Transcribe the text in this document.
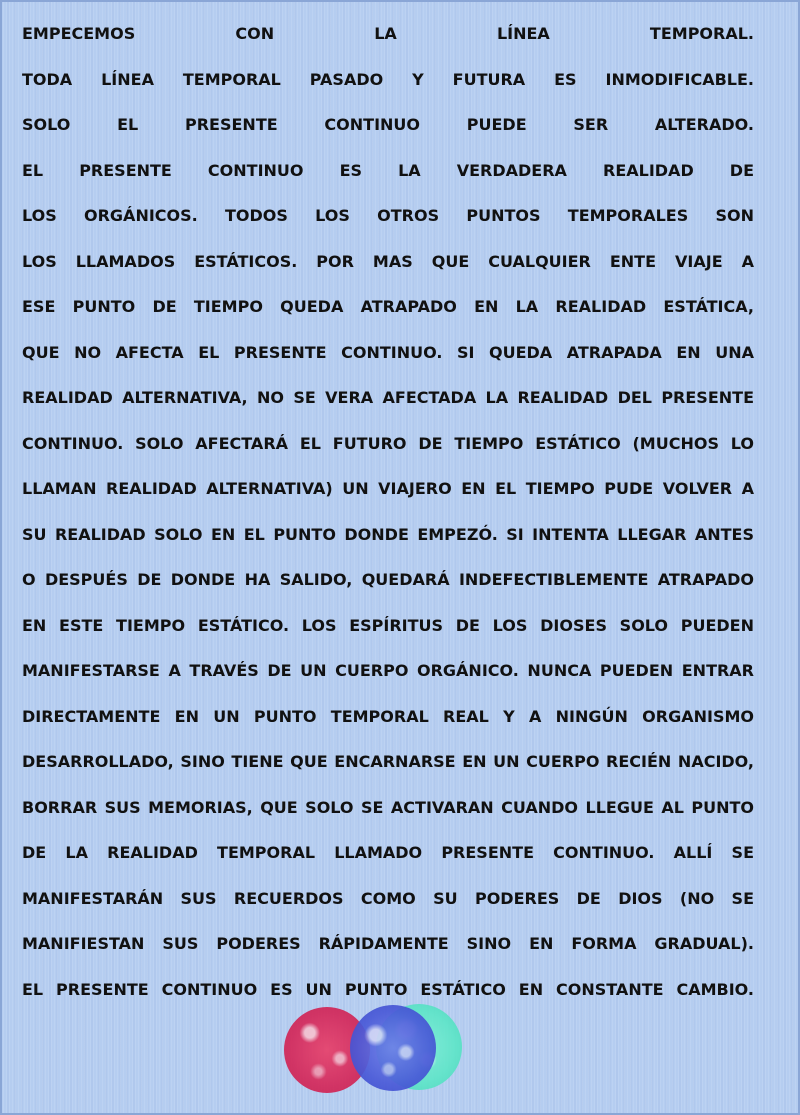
EMPECEMOS CON LA LÍNEA TEMPORAL.
TODA LÍNEA TEMPORAL PASADO Y FUTURA ES INMODIFICABLE.
SOLO EL PRESENTE CONTINUO PUEDE SER ALTERADO.
EL PRESENTE CONTINUO ES LA VERDADERA REALIDAD DE
LOS ORGÁNICOS. TODOS LOS OTROS PUNTOS TEMPORALES SON
LOS LLAMADOS ESTÁTICOS. POR MAS QUE CUALQUIER ENTE VIAJE A
ESE PUNTO DE TIEMPO QUEDA ATRAPADO EN LA REALIDAD ESTÁTICA,
QUE NO AFECTA EL PRESENTE CONTINUO. SI QUEDA ATRAPADA EN UNA
REALIDAD ALTERNATIVA, NO SE VERA AFECTADA LA REALIDAD DEL PRESENTE
CONTINUO. SOLO AFECTARÁ EL FUTURO DE TIEMPO ESTÁTICO (MUCHOS LO
LLAMAN REALIDAD ALTERNATIVA) UN VIAJERO EN EL TIEMPO PUDE VOLVER A
SU REALIDAD SOLO EN EL PUNTO DONDE EMPEZÓ. SI INTENTA LLEGAR ANTES
O DESPUÉS DE DONDE HA SALIDO, QUEDARÁ INDEFECTIBLEMENTE ATRAPADO
EN ESTE TIEMPO ESTÁTICO. LOS ESPÍRITUS DE LOS DIOSES SOLO PUEDEN
MANIFESTARSE A TRAVÉS DE UN CUERPO ORGÁNICO. NUNCA PUEDEN ENTRAR
DIRECTAMENTE EN UN PUNTO TEMPORAL REAL Y A NINGÚN ORGANISMO
DESARROLLADO, SINO TIENE QUE ENCARNARSE EN UN CUERPO RECIÉN NACIDO,
BORRAR SUS MEMORIAS, QUE SOLO SE ACTIVARAN CUANDO LLEGUE AL PUNTO
DE LA REALIDAD TEMPORAL LLAMADO PRESENTE CONTINUO. ALLÍ SE
MANIFESTARÁN SUS RECUERDOS COMO SU PODERES DE DIOS (NO SE
MANIFIESTAN SUS PODERES RÁPIDAMENTE SINO EN FORMA GRADUAL).
EL PRESENTE CONTINUO ES UN PUNTO ESTÁTICO EN CONSTANTE CAMBIO.
